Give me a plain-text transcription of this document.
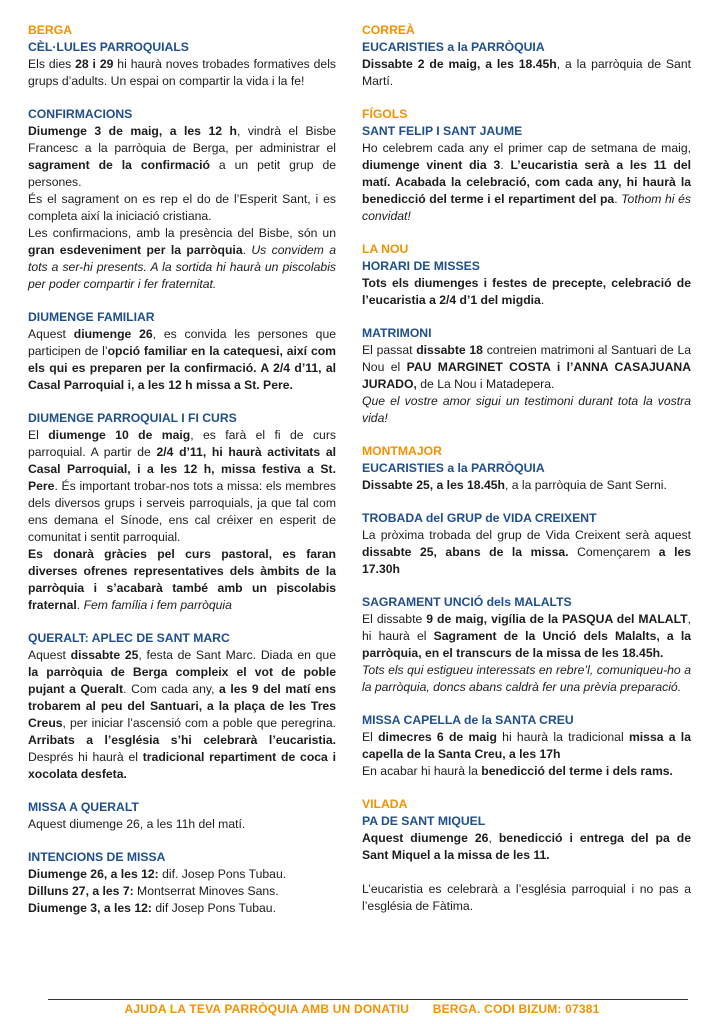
BERGA
CÈL·LULES PARROQUIALS

Els dies 28 i 29 hi haurà noves trobades formatives dels grups d’adults. Un espai on compartir la vida i la fe!

CONFIRMACIONS

Diumenge 3 de maig, a les 12 h, vindrà el Bisbe Francesc a la parròquia de Berga, per administrar el sagrament de la confirmació a un petit grup de persones.

És el sagrament on es rep el do de l’Esperit Sant, i es completa així la iniciació cristiana.

Les confirmacions, amb la presència del Bisbe, són un gran esdeveniment per la parròquia. Us convidem a tots a ser-hi presents. A la sortida hi haurà un piscolabis per poder compartir i fer fraternitat.

DIUMENGE FAMILIAR

Aquest diumenge 26, es convida les persones que participen de l’opció familiar en la catequesi, així com els qui es preparen per la confirmació. A 2/4 d’11, al Casal Parroquial i, a les 12 h missa a St. Pere.

DIUMENGE PARROQUIAL I FI CURS

El diumenge 10 de maig, es farà el fi de curs parroquial. A partir de 2/4 d’11, hi haurà activitats al Casal Parroquial, i a les 12 h, missa festiva a St. Pere. És important trobar-nos tots a missa: els membres dels diversos grups i serveis parroquials, ja que tal com ens demana el Sínode, ens cal créixer en esperit de comunitat i sentit parroquial.

Es donarà gràcies pel curs pastoral, es faran diverses ofrenes representatives dels àmbits de la parròquia i s’acabarà també amb un piscolabis fraternal. Fem família i fem parròquia

QUERALT: APLEC DE SANT MARC

Aquest dissabte 25, festa de Sant Marc. Diada en que la parròquia de Berga compleix el vot de poble pujant a Queralt. Com cada any, a les 9 del matí ens trobarem al peu del Santuari, a la plaça de les Tres Creus, per iniciar l’ascensió com a poble que peregrina. Arribats a l’església s’hi celebrarà l’eucaristia. Després hi haurà el tradicional repartiment de coca i xocolata desfeta.

MISSA A QUERALT

Aquest diumenge 26, a les 11h del matí.

INTENCIONS DE MISSA

Diumenge 26, a les 12: dif. Josep Pons Tubau.

Dilluns 27, a les 7: Montserrat Minoves Sans.

Diumenge 3, a les 12: dif Josep Pons Tubau.

CORREÀ
EUCARISTIES a la PARRÒQUIA

Dissabte 2 de maig, a les 18.45h, a la parròquia de Sant Martí.

FÍGOLS
SANT FELIP I SANT JAUME

Ho celebrem cada any el primer cap de setmana de maig, diumenge vinent dia 3. L’eucaristia serà a les 11 del matí. Acabada la celebració, com cada any, hi haurà la benedicció del terme i el repartiment del pa. Tothom hi és convidat!

LA NOU
HORARI DE MISSES

Tots els diumenges i festes de precepte, celebració de l’eucaristia a 2/4 d’1 del migdia.

MATRIMONI

El passat dissabte 18 contreien matrimoni al Santuari de La Nou el PAU MARGINET COSTA i l’ANNA CASAJUANA JURADO, de La Nou i Matadepera.

Que el vostre amor sigui un testimoni durant tota la vostra vida!

MONTMAJOR
EUCARISTIES a la PARRÒQUIA

Dissabte 25, a les 18.45h, a la parròquia de Sant Serni.

TROBADA del GRUP de VIDA CREIXENT

La pròxima trobada del grup de Vida Creixent serà aquest dissabte 25, abans de la missa. Començarem a les 17.30h

SAGRAMENT UNCIÓ dels MALALTS

El dissabte 9 de maig, vigília de la PASQUA del MALALT, hi haurà el Sagrament de la Unció dels Malalts, a la parròquia, en el transcurs de la missa de les 18.45h.

Tots els qui estigueu interessats en rebre’l, comuniqueu-ho a la parròquia, doncs abans caldrà fer una prèvia preparació.

MISSA CAPELLA de la SANTA CREU

El dimecres 6 de maig hi haurà la tradicional missa a la capella de la Santa Creu, a les 17h

En acabar hi haurà la benedicció del terme i dels rams.

VILADA
PA DE SANT MIQUEL

Aquest diumenge 26, benedicció i entrega del pa de Sant Miquel a la missa de les 11.

L’eucaristia es celebrarà a l’església parroquial i no pas a l’església de Fàtima.

AJUDA LA TEVA PARRÒQUIA AMB UN DONATIU BERGA. CODI BIZUM: 07381
